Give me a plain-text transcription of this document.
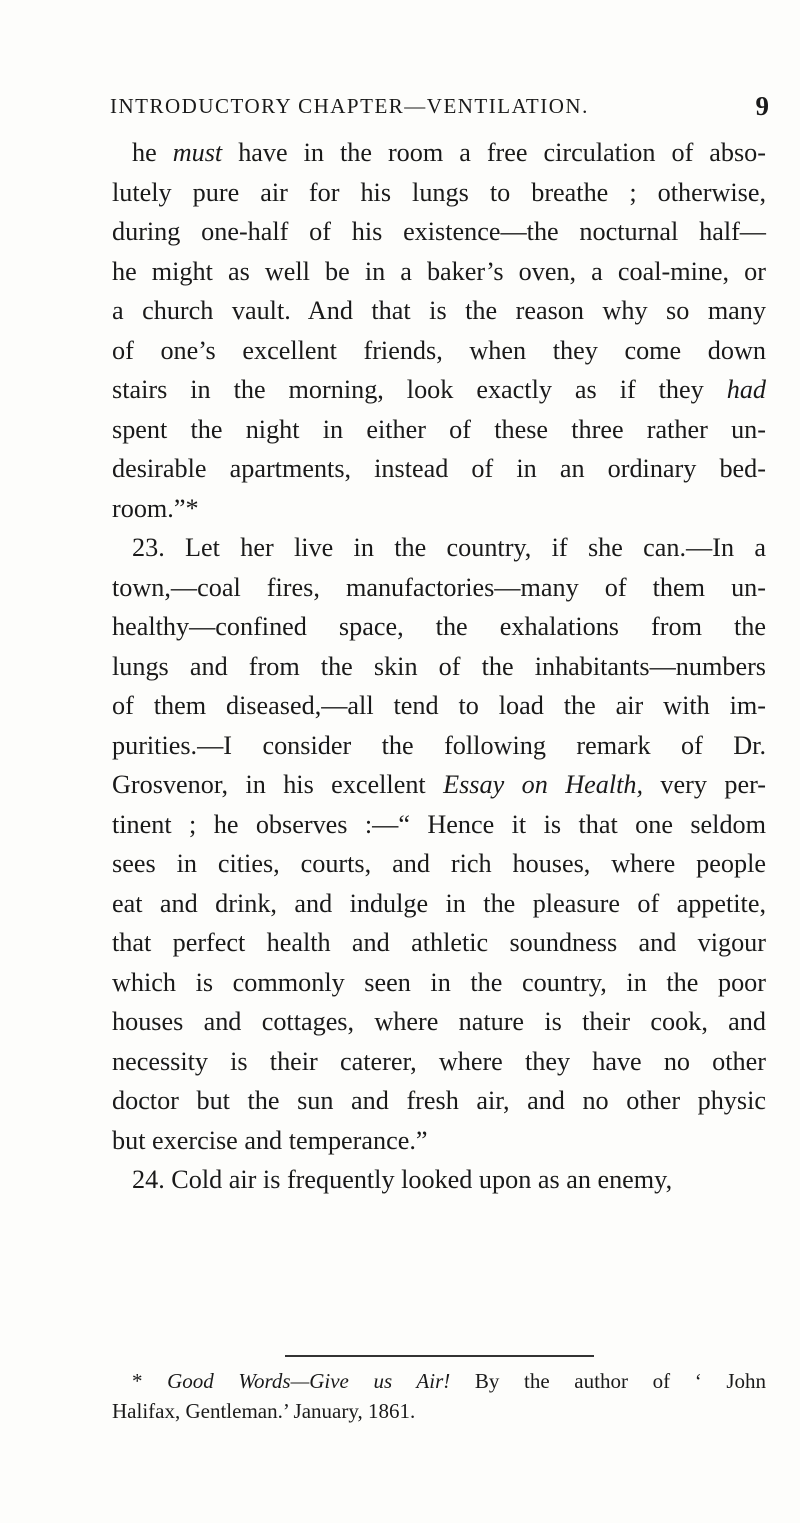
INTRODUCTORY CHAPTER—VENTILATION.	9
he must have in the room a free circulation of abso-
lutely pure air for his lungs to breathe ; otherwise,
during one-half of his existence—the nocturnal half—
he might as well be in a baker’s oven, a coal-mine, or
a church vault. And that is the reason why so many
of one’s excellent friends, when they come down
stairs in the morning, look exactly as if they had
spent the night in either of these three rather un-
desirable apartments, instead of in an ordinary bed-
room.”*
23. Let her live in the country, if she can.—In a
town,—coal fires, manufactories—many of them un-
healthy—confined space, the exhalations from the
lungs and from the skin of the inhabitants—numbers
of them diseased,—all tend to load the air with im-
purities.—I consider the following remark of Dr.
Grosvenor, in his excellent Essay on Health, very per-
tinent ; he observes :—“ Hence it is that one seldom
sees in cities, courts, and rich houses, where people
eat and drink, and indulge in the pleasure of appetite,
that perfect health and athletic soundness and vigour
which is commonly seen in the country, in the poor
houses and cottages, where nature is their cook, and
necessity is their caterer, where they have no other
doctor but the sun and fresh air, and no other physic
but exercise and temperance.”
24. Cold air is frequently looked upon as an enemy,
* Good Words—Give us Air! By the author of ‘ John
Halifax, Gentleman.’ January, 1861.
